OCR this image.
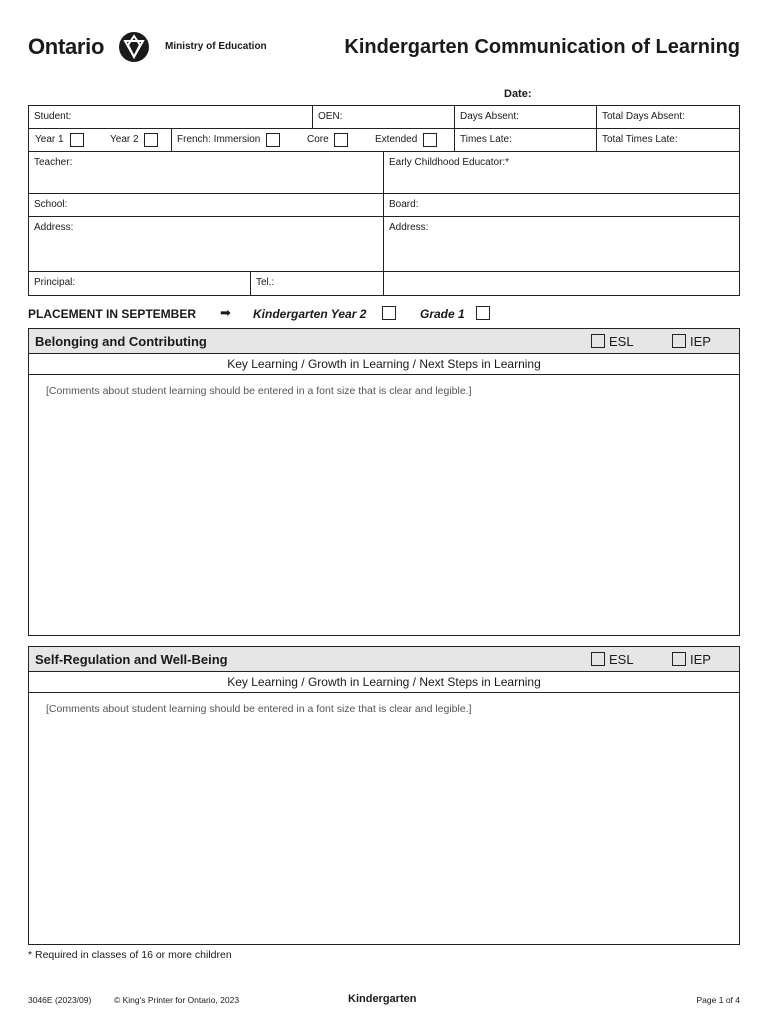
Ontario	Ministry of Education	Kindergarten Communication of Learning
Date:
Student:	OEN:	Days Absent:	Total Days Absent:
Year 1	Year 2	French: Immersion	Core	Extended	Times Late:	Total Times Late:
Teacher:	Early Childhood Educator:*
School:	Board:
Address:	Address:
Principal:	Tel.:
PLACEMENT IN SEPTEMBER ➡ Kindergarten Year 2	Grade 1
Belonging and Contributing	ESL	IEP
Key Learning / Growth in Learning / Next Steps in Learning
[Comments about student learning should be entered in a font size that is clear and legible.]
Self-Regulation and Well-Being	ESL	IEP
Key Learning / Growth in Learning / Next Steps in Learning
[Comments about student learning should be entered in a font size that is clear and legible.]
* Required in classes of 16 or more children
3046E (2023/09)	© King's Printer for Ontario, 2023	Kindergarten	Page 1 of 4
